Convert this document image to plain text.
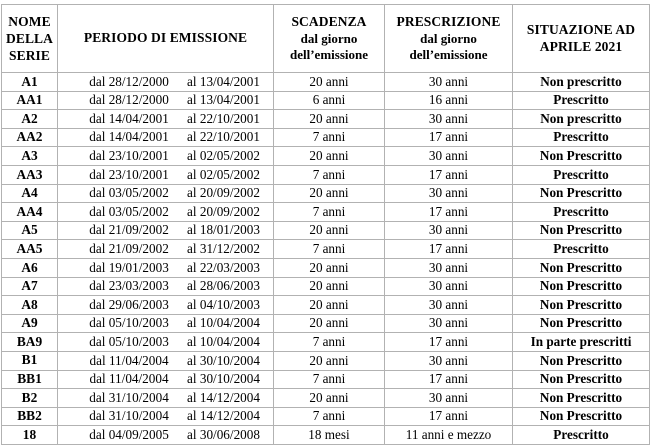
NOME
DELLA
SERIE	PERIODO DI EMISSIONE	SCADENZA
dal giorno
dell’emissione	PRESCRIZIONE
dal giorno
dell’emissione	SITUAZIONE AD
APRILE 2021

A1	dal 28/12/2000 al 13/04/2001	20 anni	30 anni	Non prescritto
AA1	dal 28/12/2000 al 13/04/2001	6 anni	16 anni	Prescritto
A2	dal 14/04/2001 al 22/10/2001	20 anni	30 anni	Non prescritto
AA2	dal 14/04/2001 al 22/10/2001	7 anni	17 anni	Prescritto
A3	dal 23/10/2001 al 02/05/2002	20 anni	30 anni	Non Prescritto
AA3	dal 23/10/2001 al 02/05/2002	7 anni	17 anni	Prescritto
A4	dal 03/05/2002 al 20/09/2002	20 anni	30 anni	Non Prescritto
AA4	dal 03/05/2002 al 20/09/2002	7 anni	17 anni	Prescritto
A5	dal 21/09/2002 al 18/01/2003	20 anni	30 anni	Non Prescritto
AA5	dal 21/09/2002 al 31/12/2002	7 anni	17 anni	Prescritto
A6	dal 19/01/2003 al 22/03/2003	20 anni	30 anni	Non Prescritto
A7	dal 23/03/2003 al 28/06/2003	20 anni	30 anni	Non Prescritto
A8	dal 29/06/2003 al 04/10/2003	20 anni	30 anni	Non Prescritto
A9	dal 05/10/2003 al 10/04/2004	20 anni	30 anni	Non Prescritto
BA9	dal 05/10/2003 al 10/04/2004	7 anni	17 anni	In parte prescritti
B1	dal 11/04/2004 al 30/10/2004	20 anni	30 anni	Non Prescritto
BB1	dal 11/04/2004 al 30/10/2004	7 anni	17 anni	Non Prescritto
B2	dal 31/10/2004 al 14/12/2004	20 anni	30 anni	Non Prescritto
BB2	dal 31/10/2004 al 14/12/2004	7 anni	17 anni	Non Prescritto
18	dal 04/09/2005 al 30/06/2008	18 mesi	11 anni e mezzo	Prescritto
